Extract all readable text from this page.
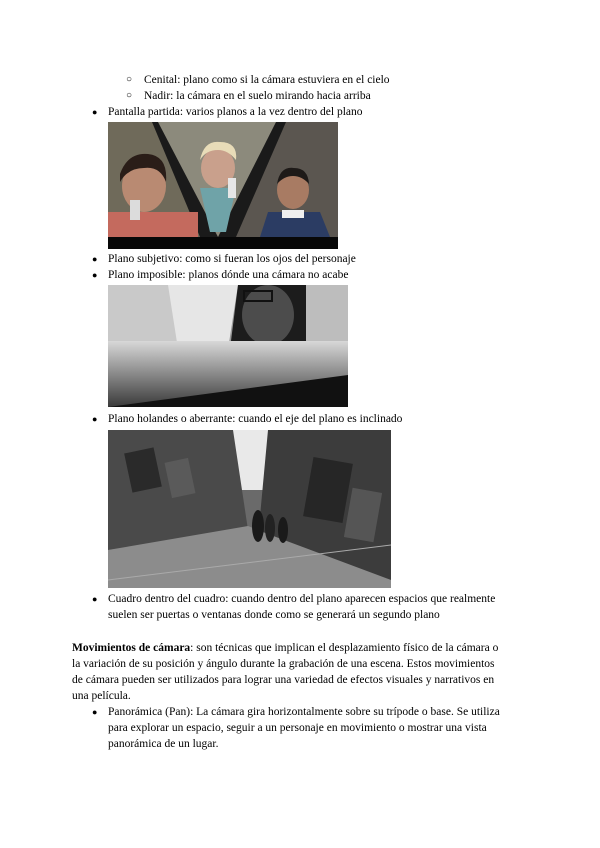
○ Cenital: plano como si la cámara estuviera en el cielo
○ Nadir: la cámara en el suelo mirando hacia arriba
● Pantalla partida: varios planos a la vez dentro del plano
● Plano subjetivo: como si fueran los ojos del personaje
● Plano imposible: planos dónde una cámara no acabe
● Plano holandes o aberrante: cuando el eje del plano es inclinado
● Cuadro dentro del cuadro: cuando dentro del plano aparecen espacios que realmente
suelen ser puertas o ventanas donde como se generará un segundo plano
Movimientos de cámara: son técnicas que implican el desplazamiento físico de la cámara o
la variación de su posición y ángulo durante la grabación de una escena. Estos movimientos
de cámara pueden ser utilizados para lograr una variedad de efectos visuales y narrativos en
una película.
● Panorámica (Pan): La cámara gira horizontalmente sobre su trípode o base. Se utiliza
para explorar un espacio, seguir a un personaje en movimiento o mostrar una vista
panorámica de un lugar.
